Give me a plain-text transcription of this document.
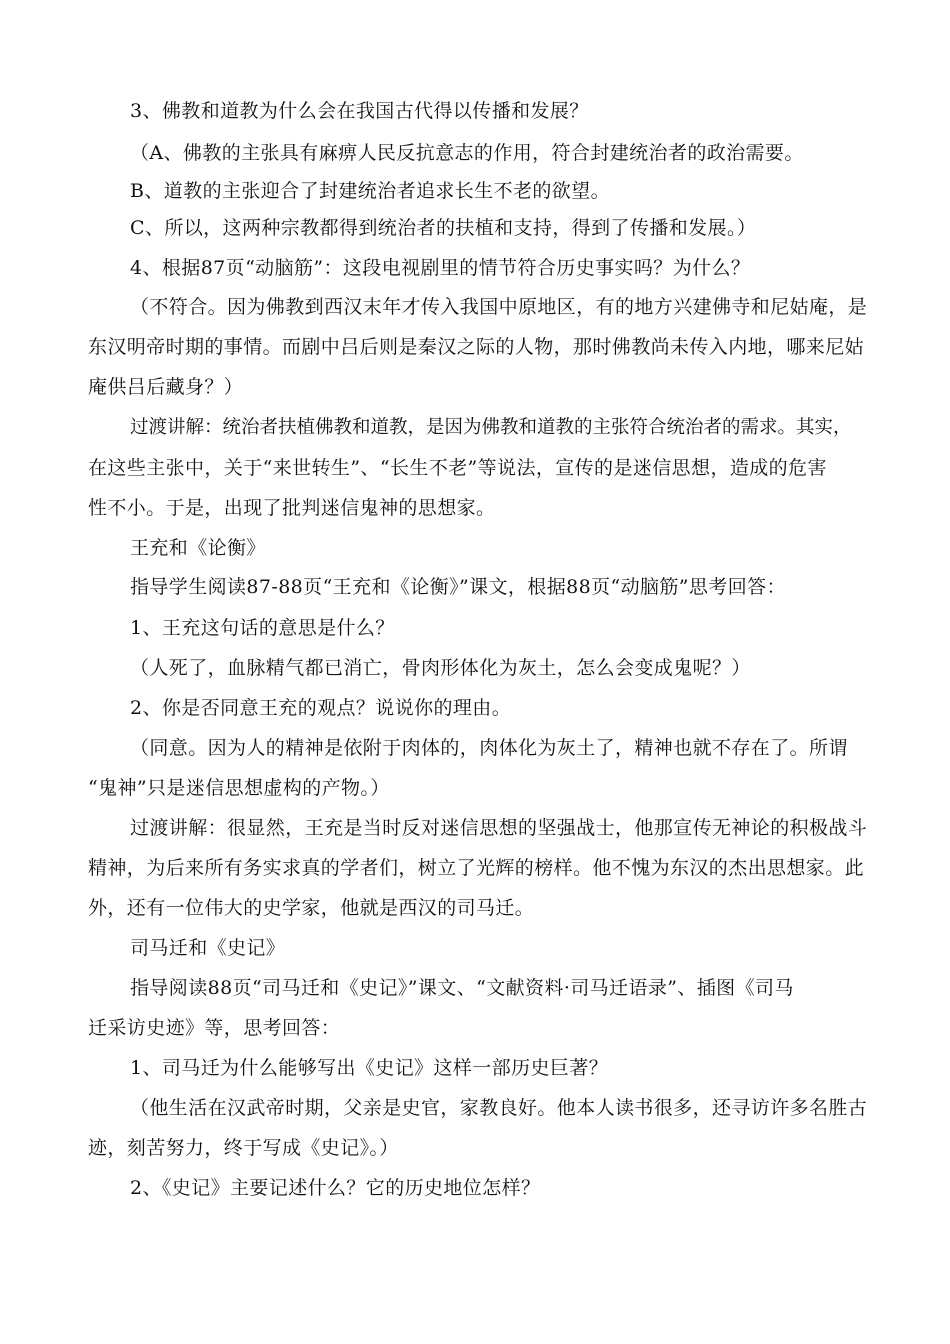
3、佛教和道教为什么会在我国古代得以传播和发展？
（A、佛教的主张具有麻痹人民反抗意志的作用，符合封建统治者的政治需要。
B、道教的主张迎合了封建统治者追求长生不老的欲望。
C、所以，这两种宗教都得到统治者的扶植和支持，得到了传播和发展。）
4、根据87页“动脑筋”：这段电视剧里的情节符合历史事实吗？为什么？
（不符合。因为佛教到西汉末年才传入我国中原地区，有的地方兴建佛寺和尼姑庵，是
东汉明帝时期的事情。而剧中吕后则是秦汉之际的人物，那时佛教尚未传入内地，哪来尼姑
庵供吕后藏身？）
过渡讲解：统治者扶植佛教和道教，是因为佛教和道教的主张符合统治者的需求。其实，
在这些主张中，关于“来世转生”、“长生不老”等说法，宣传的是迷信思想，造成的危害
性不小。于是，出现了批判迷信鬼神的思想家。
王充和《论衡》
指导学生阅读87-88页“王充和《论衡》”课文，根据88页“动脑筋”思考回答：
1、王充这句话的意思是什么？
（人死了，血脉精气都已消亡，骨肉形体化为灰土，怎么会变成鬼呢？）
2、你是否同意王充的观点？说说你的理由。
（同意。因为人的精神是依附于肉体的，肉体化为灰土了，精神也就不存在了。所谓
“鬼神”只是迷信思想虚构的产物。）
过渡讲解：很显然，王充是当时反对迷信思想的坚强战士，他那宣传无神论的积极战斗
精神，为后来所有务实求真的学者们，树立了光辉的榜样。他不愧为东汉的杰出思想家。此
外，还有一位伟大的史学家，他就是西汉的司马迁。
司马迁和《史记》
指导阅读88页“司马迁和《史记》”课文、“文献资料·司马迁语录”、插图《司马
迁采访史迹》等，思考回答：
1、司马迁为什么能够写出《史记》这样一部历史巨著？
（他生活在汉武帝时期，父亲是史官，家教良好。他本人读书很多，还寻访许多名胜古
迹，刻苦努力，终于写成《史记》。）
2、《史记》主要记述什么？它的历史地位怎样？
